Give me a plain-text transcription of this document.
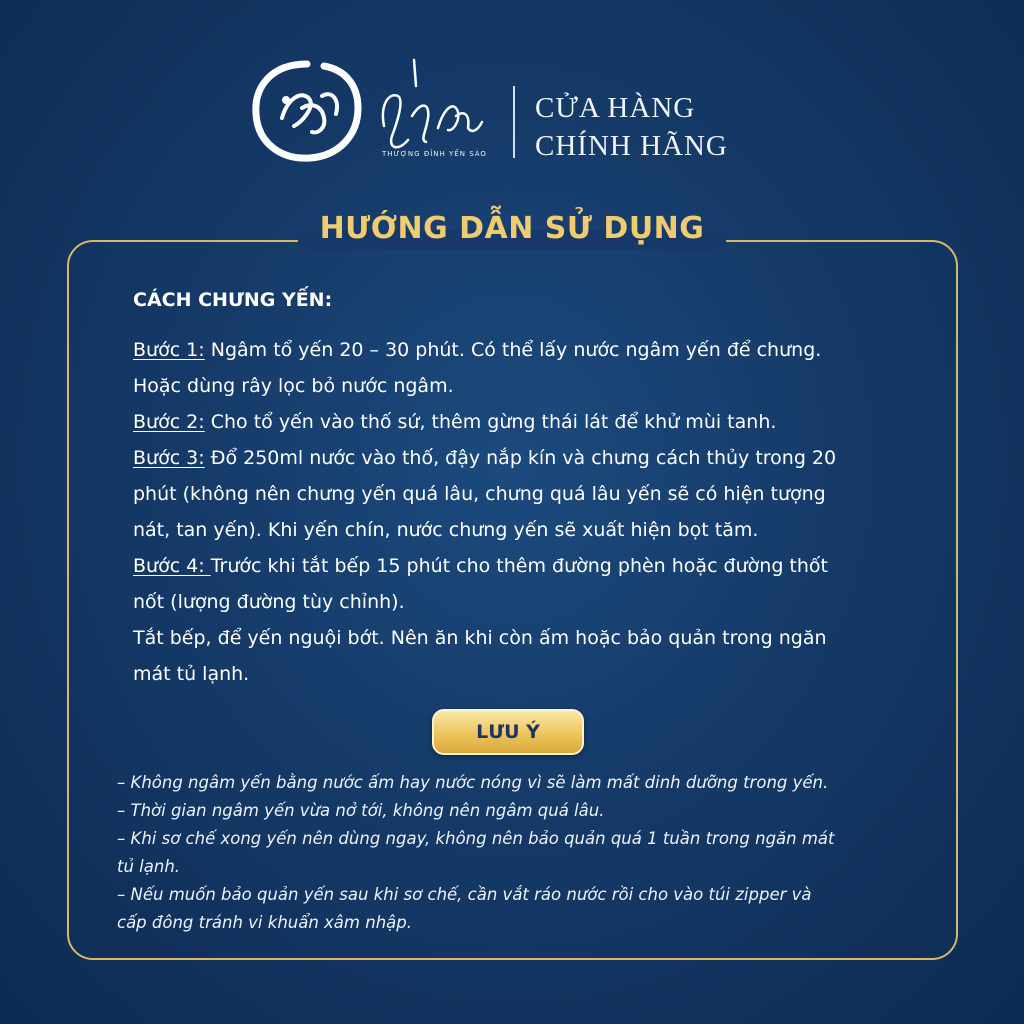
THƯỢNG ĐỈNH YẾN SÀO
CỬA HÀNG
CHÍNH HÃNG
HƯỚNG DẪN SỬ DỤNG
CÁCH CHƯNG YẾN:

Bước 1: Ngâm tổ yến 20 – 30 phút. Có thể lấy nước ngâm yến để chưng.

Hoặc dùng rây lọc bỏ nước ngâm.

Bước 2: Cho tổ yến vào thố sứ, thêm gừng thái lát để khử mùi tanh.

Bước 3: Đổ 250ml nước vào thố, đậy nắp kín và chưng cách thủy trong 20

phút (không nên chưng yến quá lâu, chưng quá lâu yến sẽ có hiện tượng

nát, tan yến). Khi yến chín, nước chưng yến sẽ xuất hiện bọt tăm.

Bước 4: Trước khi tắt bếp 15 phút cho thêm đường phèn hoặc đường thốt

nốt (lượng đường tùy chỉnh).

Tắt bếp, để yến nguội bớt. Nên ăn khi còn ấm hoặc bảo quản trong ngăn

mát tủ lạnh.

LƯU Ý
– Không ngâm yến bằng nước ấm hay nước nóng vì sẽ làm mất dinh dưỡng trong yến.
– Thời gian ngâm yến vừa nở tới, không nên ngâm quá lâu.
– Khi sơ chế xong yến nên dùng ngay, không nên bảo quản quá 1 tuần trong ngăn mát
tủ lạnh.
– Nếu muốn bảo quản yến sau khi sơ chế, cần vắt ráo nước rồi cho vào túi zipper và
cấp đông tránh vi khuẩn xâm nhập.
